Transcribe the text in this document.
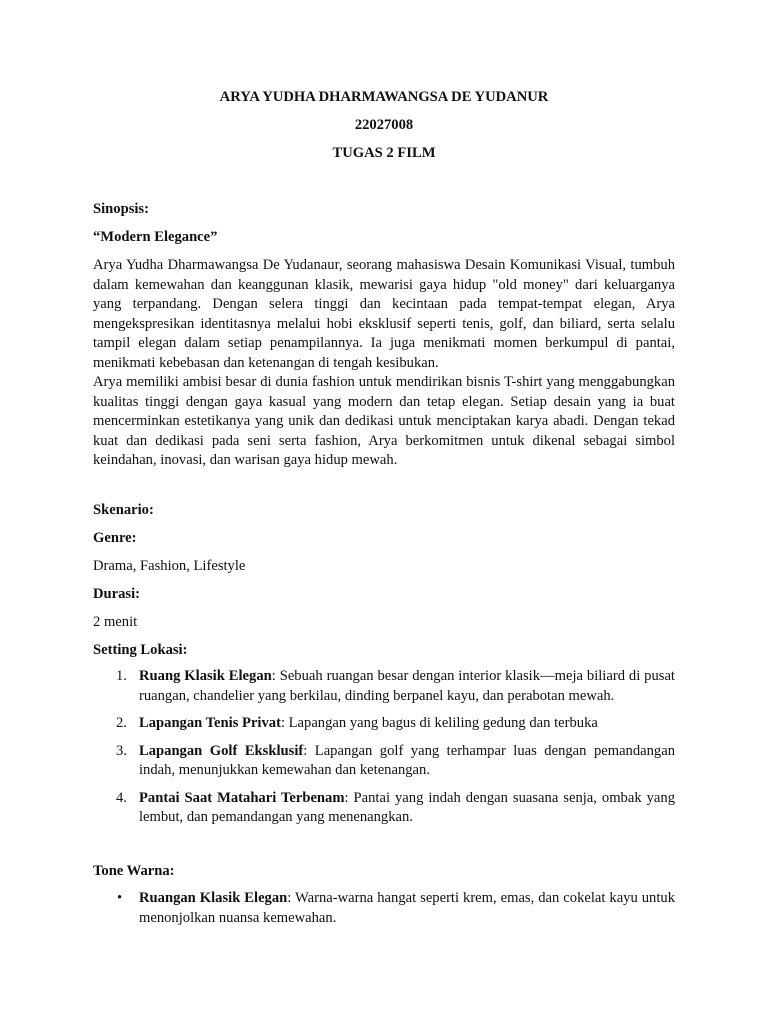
ARYA YUDHA DHARMAWANGSA DE YUDANUR
22027008
TUGAS 2 FILM
Sinopsis:
“Modern Elegance”
Arya Yudha Dharmawangsa De Yudanaur, seorang mahasiswa Desain Komunikasi Visual, tumbuh dalam kemewahan dan keanggunan klasik, mewarisi gaya hidup "old money" dari keluarganya yang terpandang. Dengan selera tinggi dan kecintaan pada tempat-tempat elegan, Arya mengekspresikan identitasnya melalui hobi eksklusif seperti tenis, golf, dan biliard, serta selalu tampil elegan dalam setiap penampilannya. Ia juga menikmati momen berkumpul di pantai, menikmati kebebasan dan ketenangan di tengah kesibukan.
Arya memiliki ambisi besar di dunia fashion untuk mendirikan bisnis T-shirt yang menggabungkan kualitas tinggi dengan gaya kasual yang modern dan tetap elegan. Setiap desain yang ia buat mencerminkan estetikanya yang unik dan dedikasi untuk menciptakan karya abadi. Dengan tekad kuat dan dedikasi pada seni serta fashion, Arya berkomitmen untuk dikenal sebagai simbol keindahan, inovasi, dan warisan gaya hidup mewah.
Skenario:
Genre:
Drama, Fashion, Lifestyle
Durasi:
2 menit
Setting Lokasi:
1. Ruang Klasik Elegan: Sebuah ruangan besar dengan interior klasik—meja biliard di pusat ruangan, chandelier yang berkilau, dinding berpanel kayu, dan perabotan mewah.
2. Lapangan Tenis Privat: Lapangan yang bagus di keliling gedung dan terbuka
3. Lapangan Golf Eksklusif: Lapangan golf yang terhampar luas dengan pemandangan indah, menunjukkan kemewahan dan ketenangan.
4. Pantai Saat Matahari Terbenam: Pantai yang indah dengan suasana senja, ombak yang lembut, dan pemandangan yang menenangkan.
Tone Warna:
• Ruangan Klasik Elegan: Warna-warna hangat seperti krem, emas, dan cokelat kayu untuk menonjolkan nuansa kemewahan.
